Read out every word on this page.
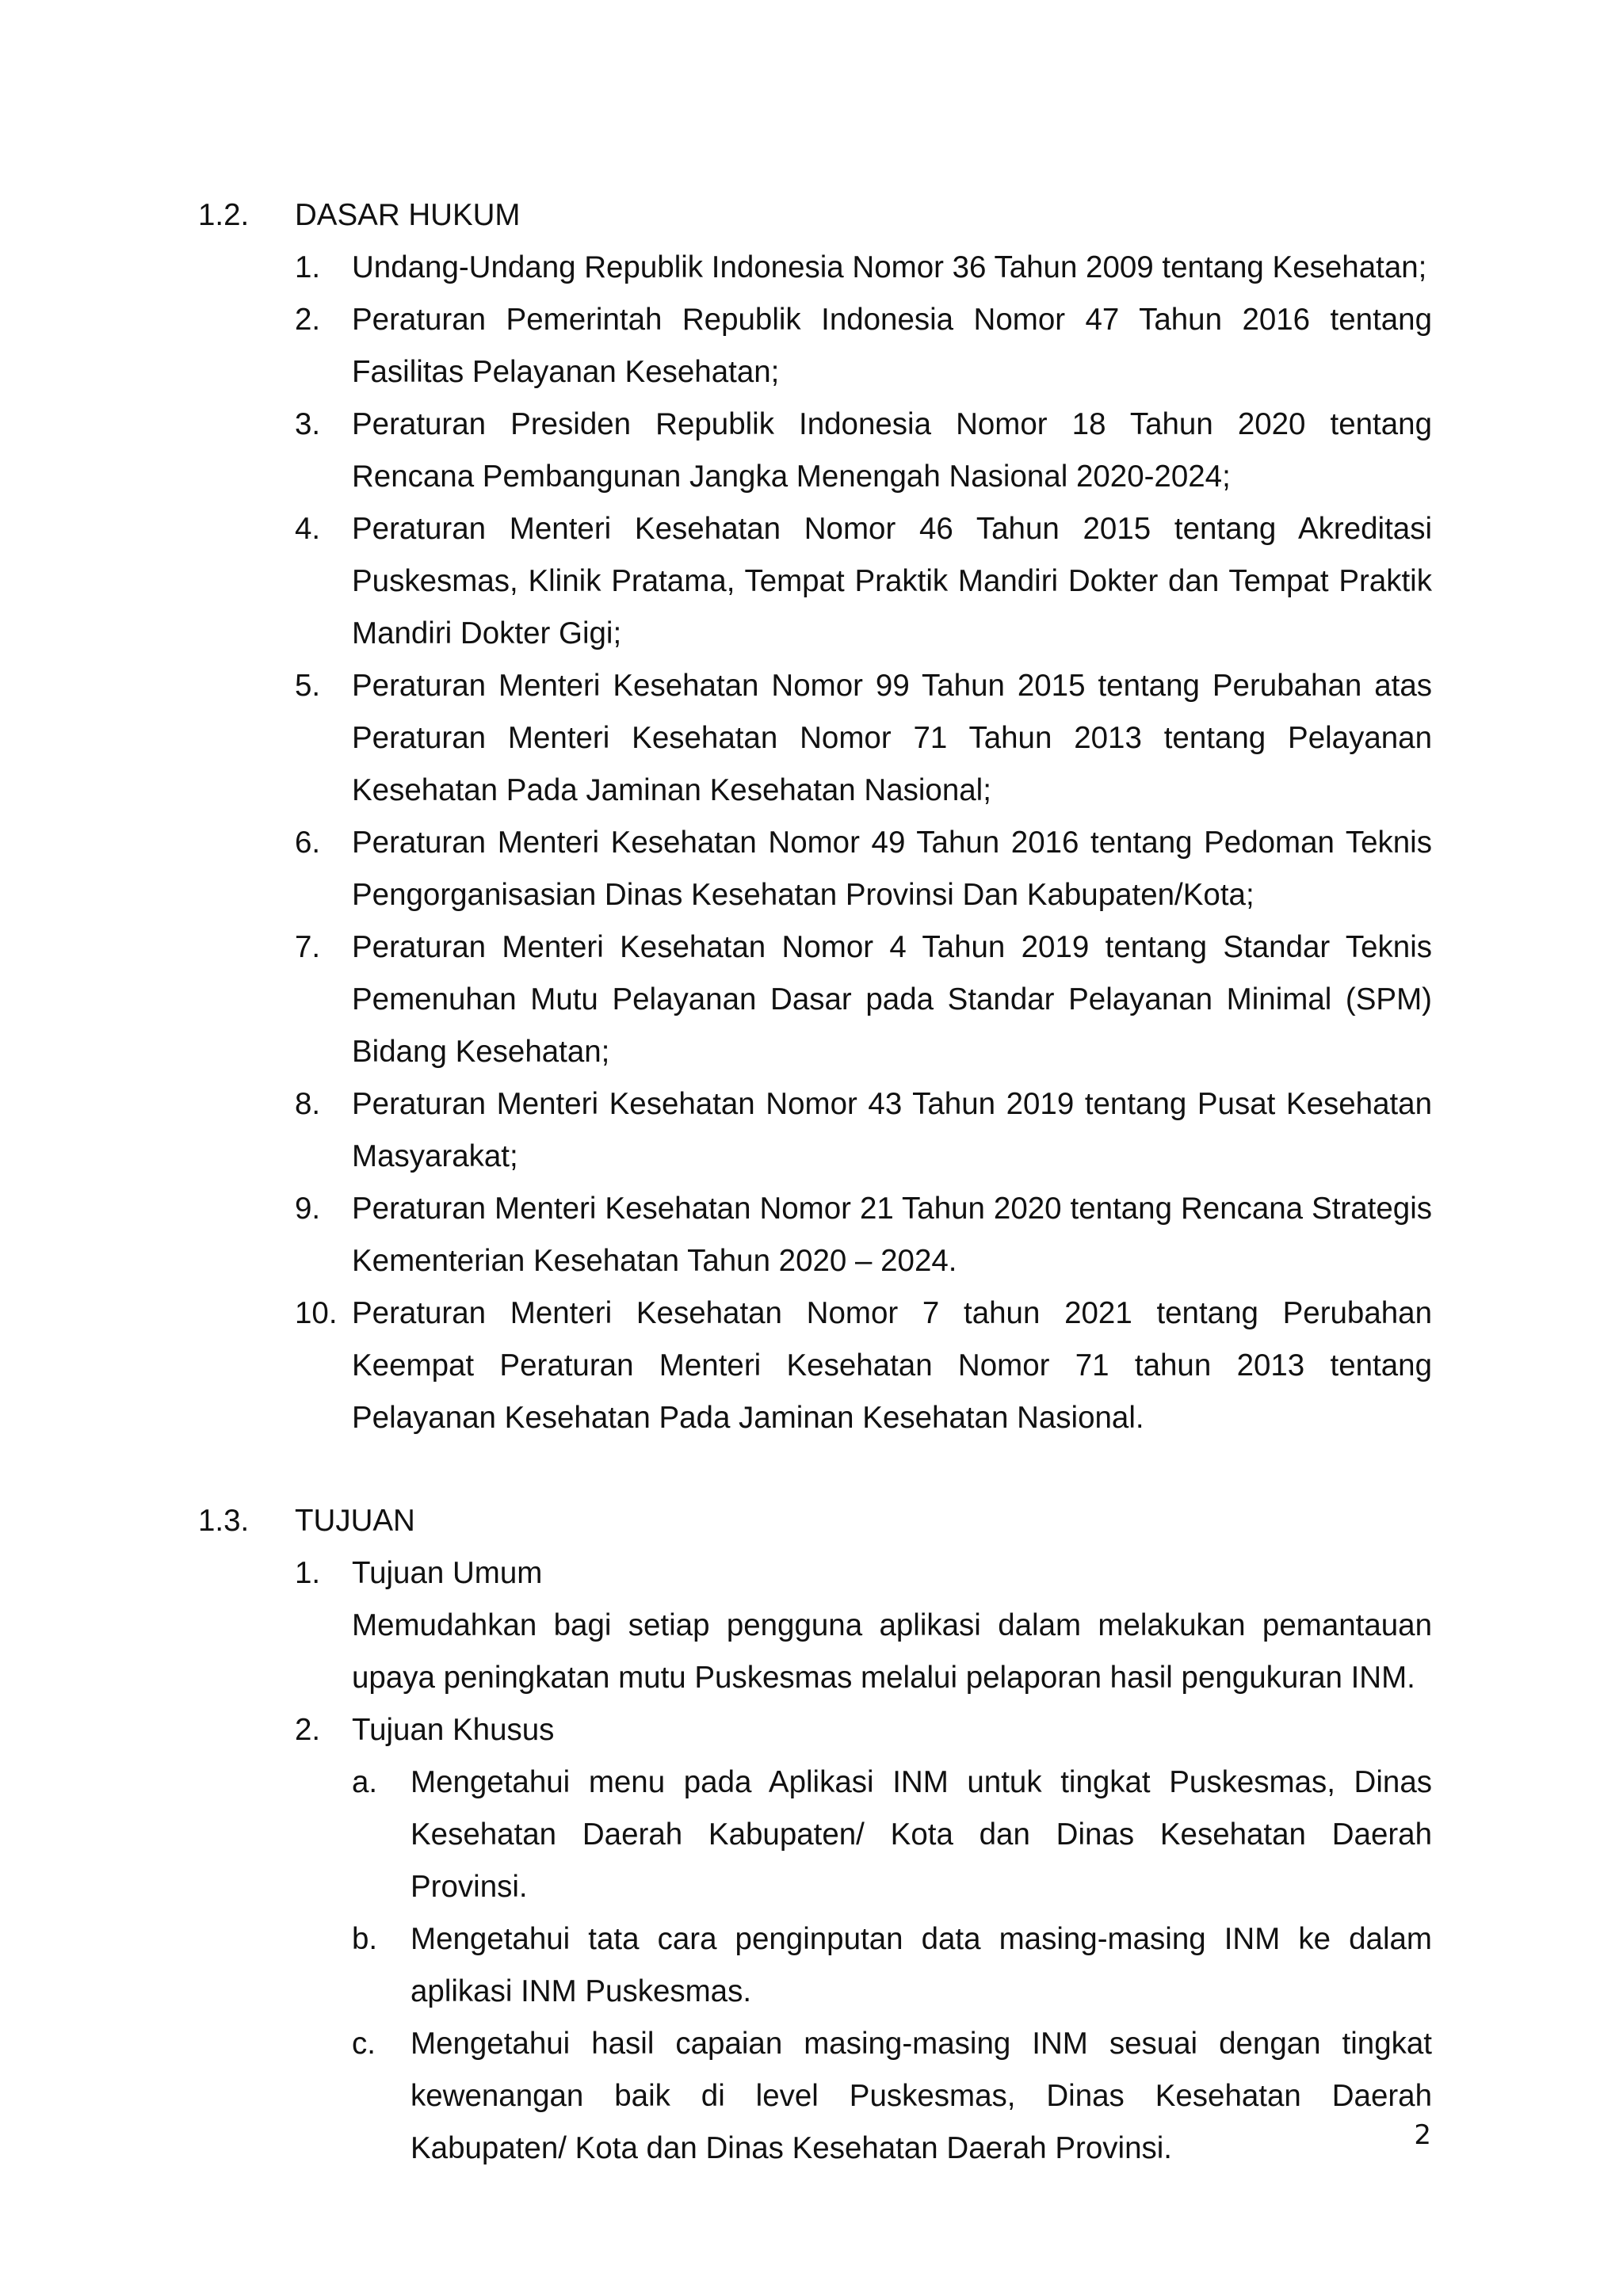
1.2. DASAR HUKUM
1. Undang-Undang Republik Indonesia Nomor 36 Tahun 2009 tentang Kesehatan;
2. Peraturan Pemerintah Republik Indonesia Nomor 47 Tahun 2016 tentang Fasilitas Pelayanan Kesehatan;
3. Peraturan Presiden Republik Indonesia Nomor 18 Tahun 2020 tentang Rencana Pembangunan Jangka Menengah Nasional 2020-2024;
4. Peraturan Menteri Kesehatan Nomor 46 Tahun 2015 tentang Akreditasi Puskesmas, Klinik Pratama, Tempat Praktik Mandiri Dokter dan Tempat Praktik Mandiri Dokter Gigi;
5. Peraturan Menteri Kesehatan Nomor 99 Tahun 2015 tentang Perubahan atas Peraturan Menteri Kesehatan Nomor 71 Tahun 2013 tentang Pelayanan Kesehatan Pada Jaminan Kesehatan Nasional;
6. Peraturan Menteri Kesehatan Nomor 49 Tahun 2016 tentang Pedoman Teknis Pengorganisasian Dinas Kesehatan Provinsi Dan Kabupaten/Kota;
7. Peraturan Menteri Kesehatan Nomor 4 Tahun 2019 tentang Standar Teknis Pemenuhan Mutu Pelayanan Dasar pada Standar Pelayanan Minimal (SPM) Bidang Kesehatan;
8. Peraturan Menteri Kesehatan Nomor 43 Tahun 2019 tentang Pusat Kesehatan Masyarakat;
9. Peraturan Menteri Kesehatan Nomor 21 Tahun 2020 tentang Rencana Strategis Kementerian Kesehatan Tahun 2020 – 2024.
10. Peraturan Menteri Kesehatan Nomor 7 tahun 2021 tentang Perubahan Keempat Peraturan Menteri Kesehatan Nomor 71 tahun 2013 tentang Pelayanan Kesehatan Pada Jaminan Kesehatan Nasional.
1.3. TUJUAN
1. Tujuan Umum
Memudahkan bagi setiap pengguna aplikasi dalam melakukan pemantauan upaya peningkatan mutu Puskesmas melalui pelaporan hasil pengukuran INM.
2. Tujuan Khusus
a. Mengetahui menu pada Aplikasi INM untuk tingkat Puskesmas, Dinas Kesehatan Daerah Kabupaten/ Kota dan Dinas Kesehatan Daerah Provinsi.
b. Mengetahui tata cara penginputan data masing-masing INM ke dalam aplikasi INM Puskesmas.
c. Mengetahui hasil capaian masing-masing INM sesuai dengan tingkat kewenangan baik di level Puskesmas, Dinas Kesehatan Daerah Kabupaten/ Kota dan Dinas Kesehatan Daerah Provinsi.	2
